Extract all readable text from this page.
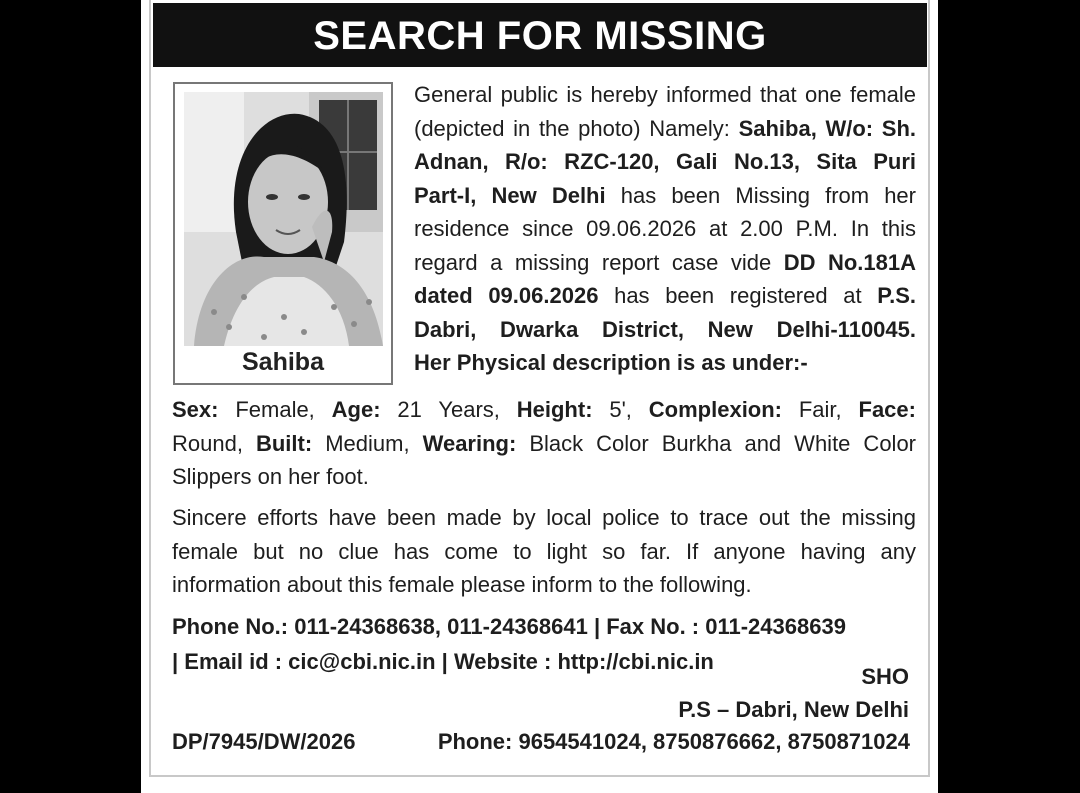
SEARCH FOR MISSING
Sahiba
General public is hereby informed that one female
(depicted in the photo) Namely: Sahiba, W/o: Sh.
Adnan, R/o: RZC-120, Gali No.13, Sita Puri
Part-I, New Delhi has been Missing from her
residence since 09.06.2026 at 2.00 P.M. In this
regard a missing report case vide DD No.181A
dated 09.06.2026 has been registered at P.S.
Dabri, Dwarka District, New Delhi-110045.
Her Physical description is as under:-
Sex: Female, Age: 21 Years, Height: 5', Complexion: Fair, Face:
Round, Built: Medium, Wearing: Black Color Burkha and White Color
Slippers on her foot.
Sincere efforts have been made by local police to trace out the missing
female but no clue has come to light so far. If anyone having any
information about this female please inform to the following.
Phone No.: 011-24368638, 011-24368641 | Fax No. : 011-24368639
| Email id : cic@cbi.nic.in | Website : http://cbi.nic.in
SHO
P.S – Dabri, New Delhi
DP/7945/DW/2026	Phone: 9654541024, 8750876662, 8750871024
